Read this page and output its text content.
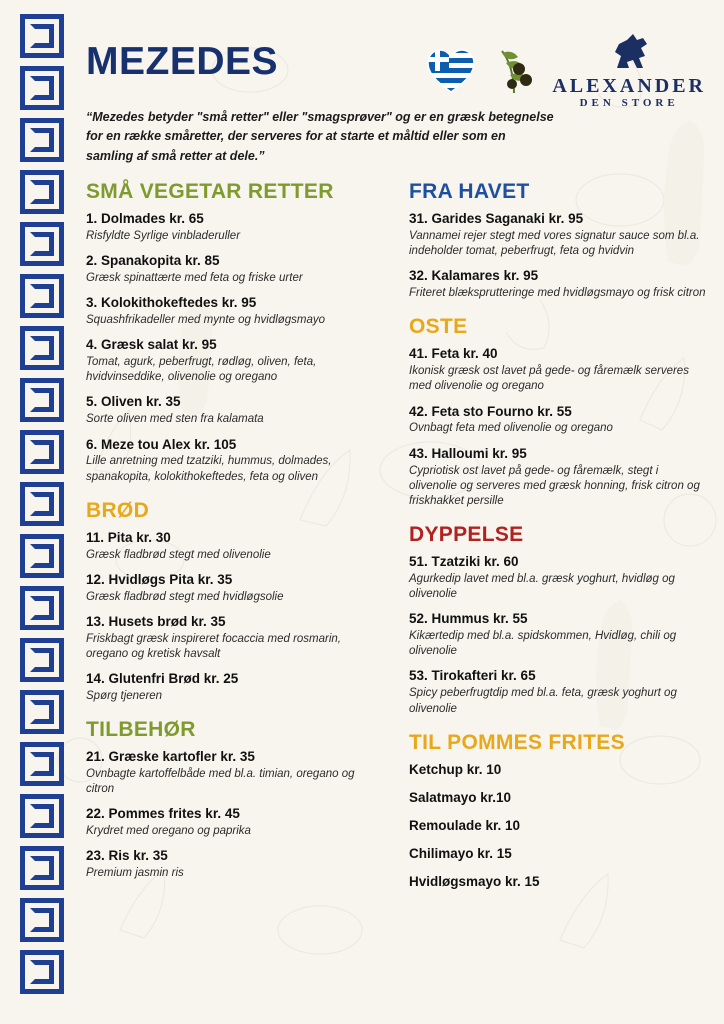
MEZEDES
ALEXANDER
DEN STORE
“Mezedes betyder "små retter" eller "smagsprøver" og er en græsk betegnelse for en række småretter, der serveres for at starte et måltid eller som en samling af små retter at dele.”
SMÅ VEGETAR RETTER
1. Dolmades kr. 65
Risfyldte Syrlige vinbladeruller
2. Spanakopita kr. 85
Græsk spinattærte med feta og friske urter
3. Kolokithokeftedes kr. 95
Squashfrikadeller med mynte og hvidløgsmayo
4. Græsk salat kr. 95
Tomat, agurk, peberfrugt, rødløg, oliven, feta, hvidvinseddike, olivenolie og oregano
5. Oliven kr. 35
Sorte oliven med sten fra kalamata
6. Meze tou Alex kr. 105
Lille anretning med tzatziki, hummus, dolmades, spanakopita, kolokithokeftedes, feta og oliven
BRØD
11. Pita kr. 30
Græsk fladbrød stegt med olivenolie
12. Hvidløgs Pita kr. 35
Græsk fladbrød stegt med hvidløgsolie
13. Husets brød kr. 35
Friskbagt græsk inspireret focaccia med rosmarin, oregano og kretisk havsalt
14. Glutenfri Brød kr. 25
Spørg tjeneren
TILBEHØR
21. Græske kartofler kr. 35
Ovnbagte kartoffelbåde med bl.a. timian, oregano og citron
22. Pommes frites kr. 45
Krydret med oregano og paprika
23. Ris kr. 35
Premium jasmin ris
FRA HAVET
31. Garides Saganaki kr. 95
Vannamei rejer stegt med vores signatur sauce som bl.a. indeholder tomat, peberfrugt, feta og hvidvin
32. Kalamares kr. 95
Friteret blæksprutteringe med hvidløgsmayo og frisk citron
OSTE
41. Feta kr. 40
Ikonisk græsk ost lavet på gede- og fåremælk serveres med olivenolie og oregano
42. Feta sto Fourno kr. 55
Ovnbagt feta med olivenolie og oregano
43. Halloumi kr. 95
Cypriotisk ost lavet på gede- og fåremælk, stegt i olivenolie og serveres med græsk honning, frisk citron og friskhakket persille
DYPPELSE
51. Tzatziki kr. 60
Agurkedip lavet med bl.a. græsk yoghurt, hvidløg og olivenolie
52. Hummus kr. 55
Kikærtedip med bl.a. spidskommen, Hvidløg, chili og olivenolie
53. Tirokafteri kr. 65
Spicy peberfrugtdip med bl.a. feta, græsk yoghurt og olivenolie
TIL POMMES FRITES
Ketchup kr. 10
Salatmayo kr.10
Remoulade kr. 10
Chilimayo kr. 15
Hvidløgsmayo kr. 15
